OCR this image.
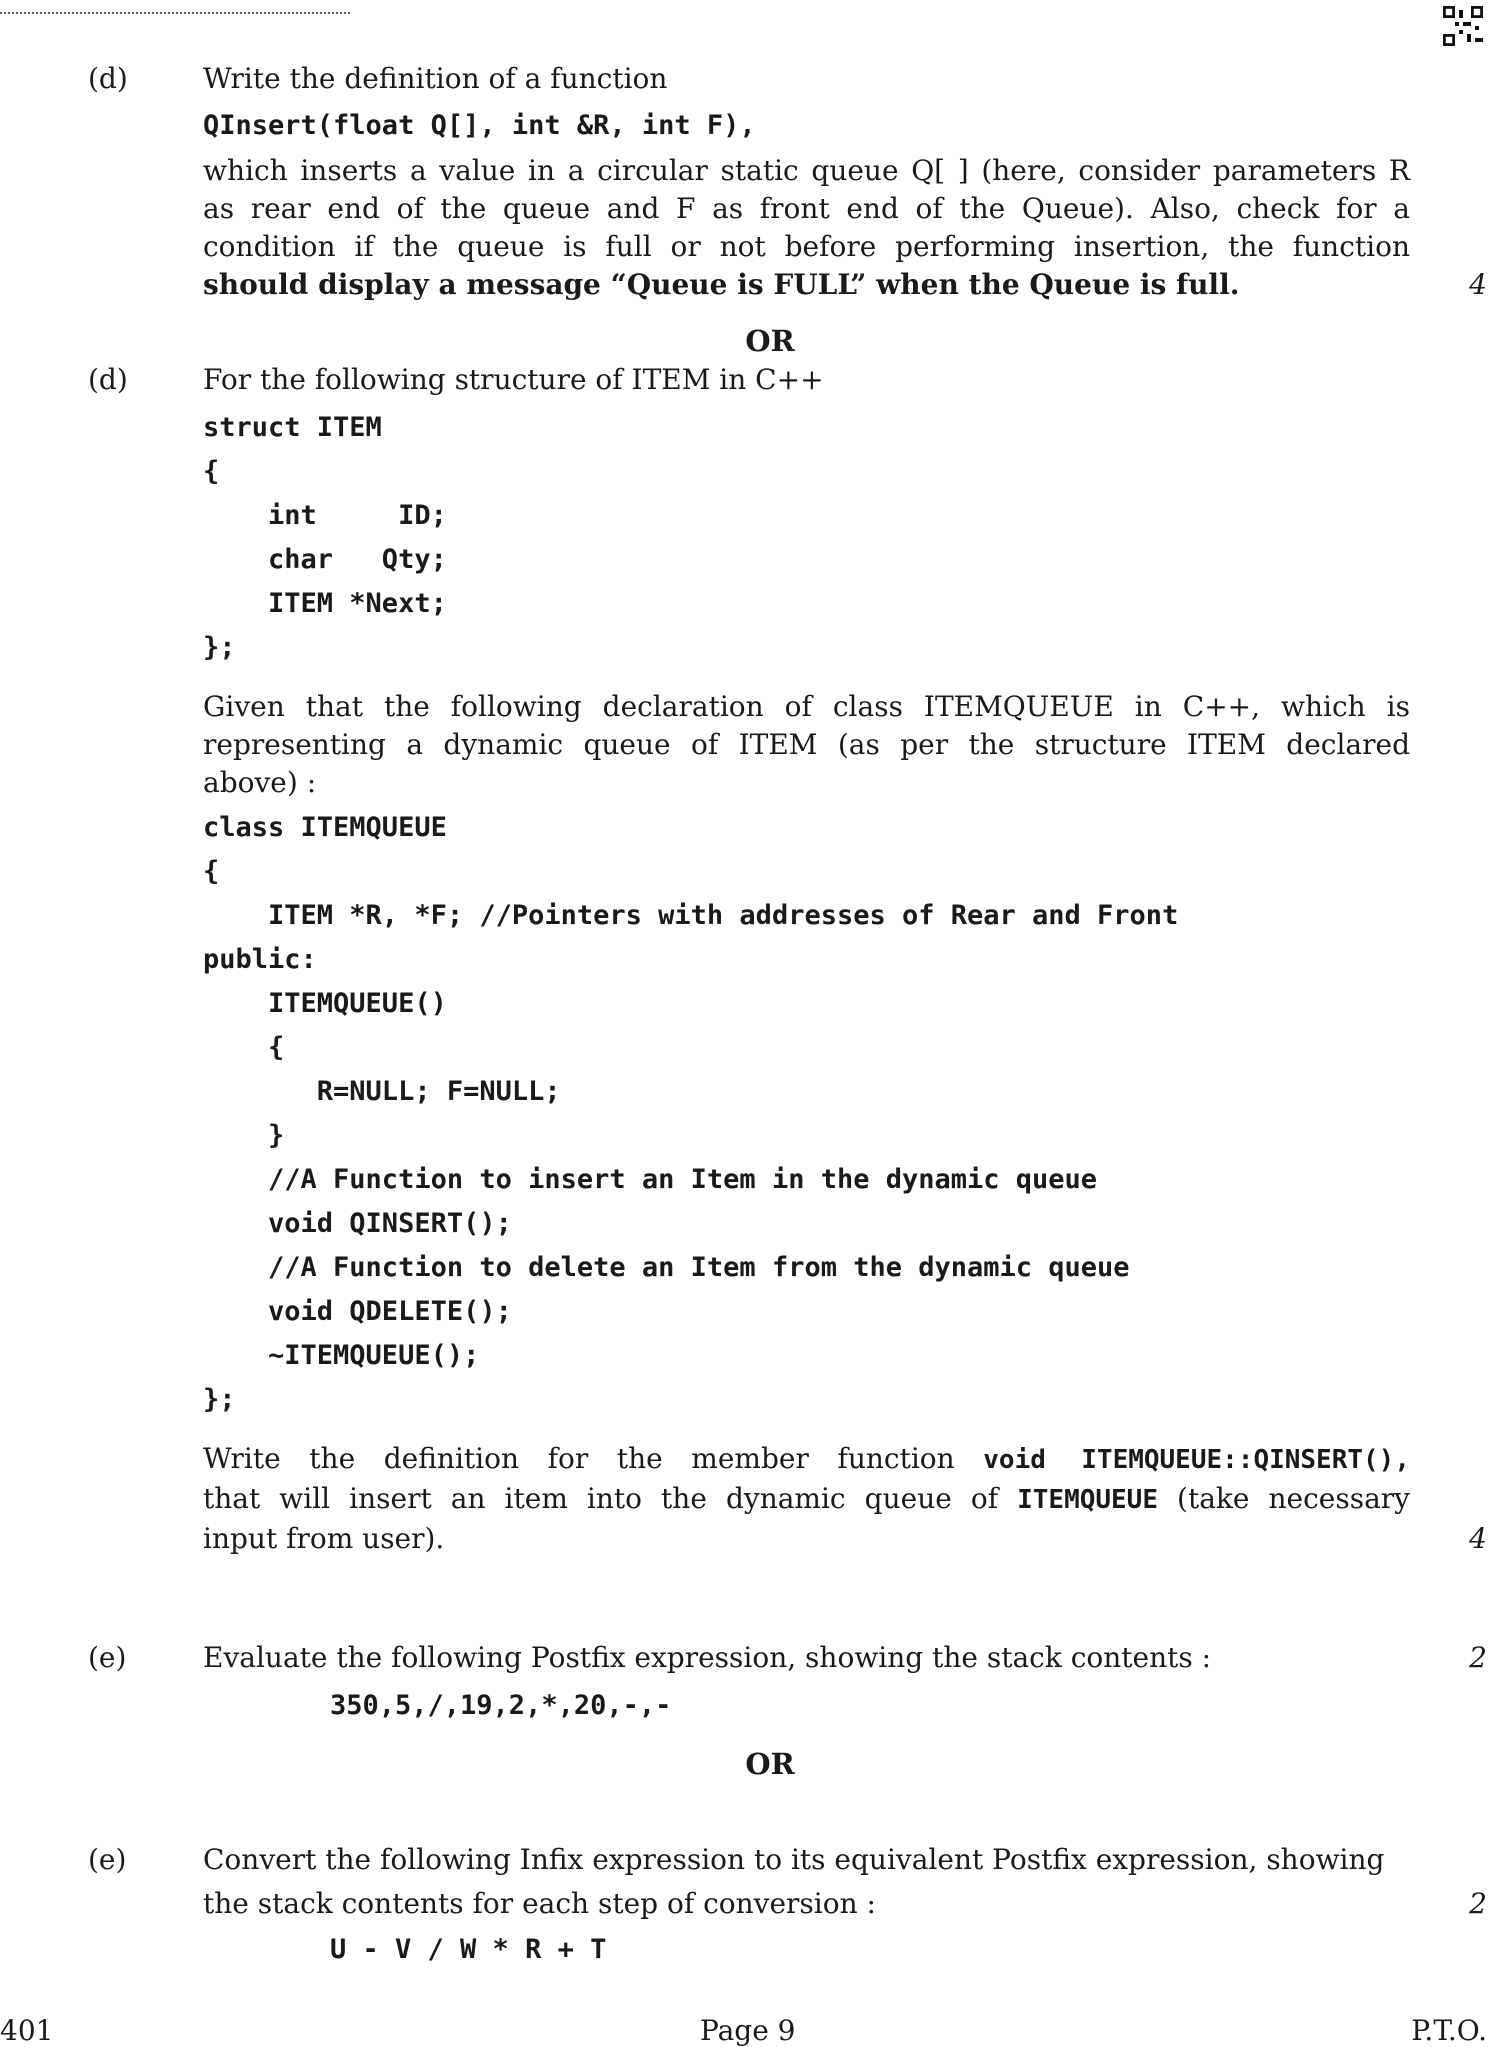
(d)	Write the definition of a function
QInsert(float Q[], int &R, int F),
which inserts a value in a circular static queue Q[ ] (here, consider parameters R
as rear end of the queue and F as front end of the Queue). Also, check for a
condition if the queue is full or not before performing insertion, the function
should display a message “Queue is FULL” when the Queue is full.	4
OR
(d)	For the following structure of ITEM in C++
struct ITEM
{
int     ID;
char   Qty;
ITEM *Next;
};
Given that the following declaration of class ITEMQUEUE in C++, which is
representing a dynamic queue of ITEM (as per the structure ITEM declared
above) :
class ITEMQUEUE
{
ITEM *R, *F; //Pointers with addresses of Rear and Front
public:
ITEMQUEUE()
{
R=NULL; F=NULL;
}
//A Function to insert an Item in the dynamic queue
void QINSERT();
//A Function to delete an Item from the dynamic queue
void QDELETE();
~ITEMQUEUE();
};
Write the definition for the member function void ITEMQUEUE::QINSERT(),
that will insert an item into the dynamic queue of ITEMQUEUE (take necessary
input from user).	4
(e)	Evaluate the following Postfix expression, showing the stack contents :	2
350,5,/,19,2,*,20,-,-
OR
(e)	Convert the following Infix expression to its equivalent Postfix expression, showing
the stack contents for each step of conversion :	2
U - V / W * R + T
401	Page 9	P.T.O.
